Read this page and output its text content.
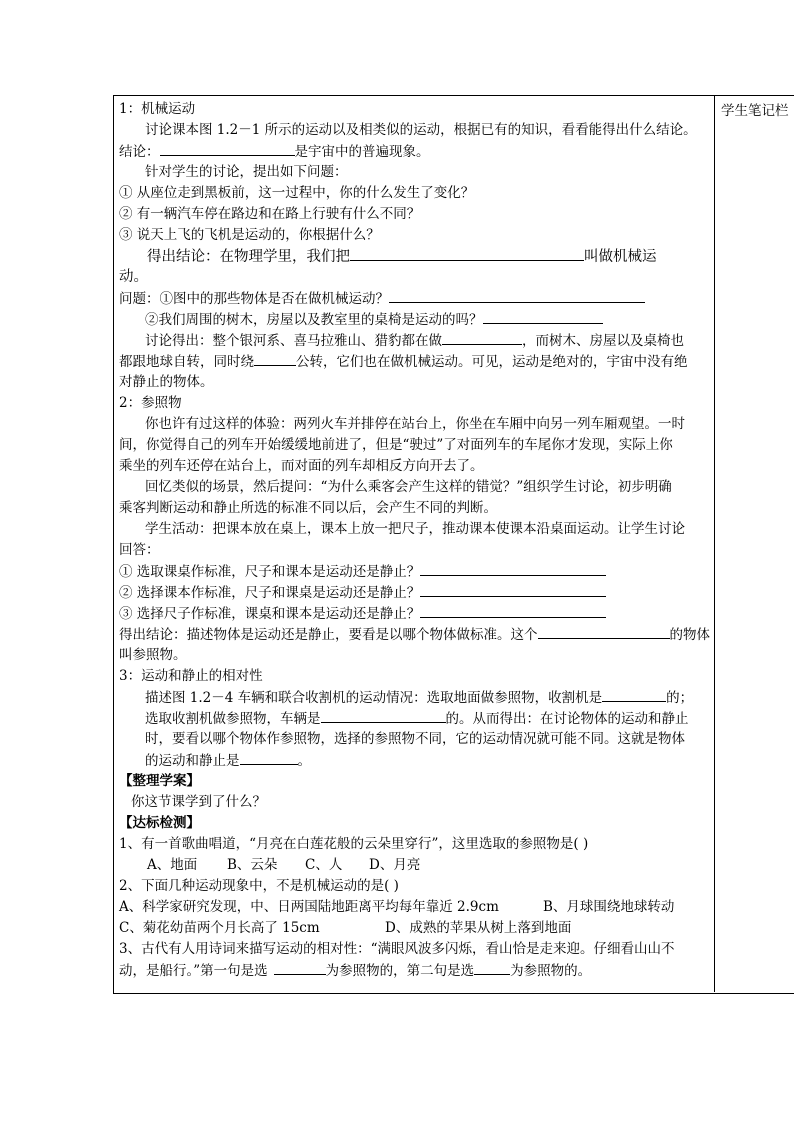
学生笔记栏
1：机械运动
讨论课本图 1.2－1 所示的运动以及相类似的运动，根据已有的知识，看看能得出什么结论。
结论：	是宇宙中的普遍现象。
针对学生的讨论，提出如下问题：
① 从座位走到黑板前，这一过程中，你的什么发生了变化？
② 有一辆汽车停在路边和在路上行驶有什么不同？
③ 说天上飞的飞机是运动的，你根据什么？
得出结论：在物理学里，我们把	叫做机械运
动。
问题：①图中的那些物体是否在做机械运动？
②我们周围的树木，房屋以及教室里的桌椅是运动的吗？
讨论得出：整个银河系、喜马拉雅山、猎豹都在做	，而树木、房屋以及桌椅也
都跟地球自转，同时绕	公转，它们也在做机械运动。可见，运动是绝对的，宇宙中没有绝
对静止的物体。
2：参照物
你也许有过这样的体验：两列火车并排停在站台上，你坐在车厢中向另一列车厢观望。一时
间，你觉得自己的列车开始缓缓地前进了，但是“驶过”了对面列车的车尾你才发现，实际上你
乘坐的列车还停在站台上，而对面的列车却相反方向开去了。
回忆类似的场景，然后提问：“为什么乘客会产生这样的错觉？”组织学生讨论，初步明确
乘客判断运动和静止所选的标准不同以后，会产生不同的判断。
学生活动：把课本放在桌上，课本上放一把尺子，推动课本使课本沿桌面运动。让学生讨论
回答：
① 选取课桌作标准，尺子和课本是运动还是静止？
② 选择课本作标准，尺子和课桌是运动还是静止？
③ 选择尺子作标准，课桌和课本是运动还是静止？
得出结论：描述物体是运动还是静止，要看是以哪个物体做标准。这个	的物体
叫参照物。
3：运动和静止的相对性
描述图 1.2－4 车辆和联合收割机的运动情况：选取地面做参照物，收割机是	的；
选取收割机做参照物，车辆是	的。从而得出：在讨论物体的运动和静止
时，要看以哪个物体作参照物，选择的参照物不同，它的运动情况就可能不同。这就是物体
的运动和静止是	。
【整理学案】
你这节课学到了什么？
【达标检测】
1、有一首歌曲唱道，“月亮在白莲花般的云朵里穿行”，这里选取的参照物是( )
A、地面 B、云朵 C、人 D、月亮
2、下面几种运动现象中，不是机械运动的是( )
A、科学家研究发现，中、日两国陆地距离平均每年靠近 2.9cm	B、月球围绕地球转动
C、菊花幼苗两个月长高了 15cm	D、成熟的苹果从树上落到地面
3、古代有人用诗词来描写运动的相对性：“满眼风波多闪烁，看山恰是走来迎。仔细看山山不
动，是船行。”第一句是选	为参照物的，第二句是选	为参照物的。
